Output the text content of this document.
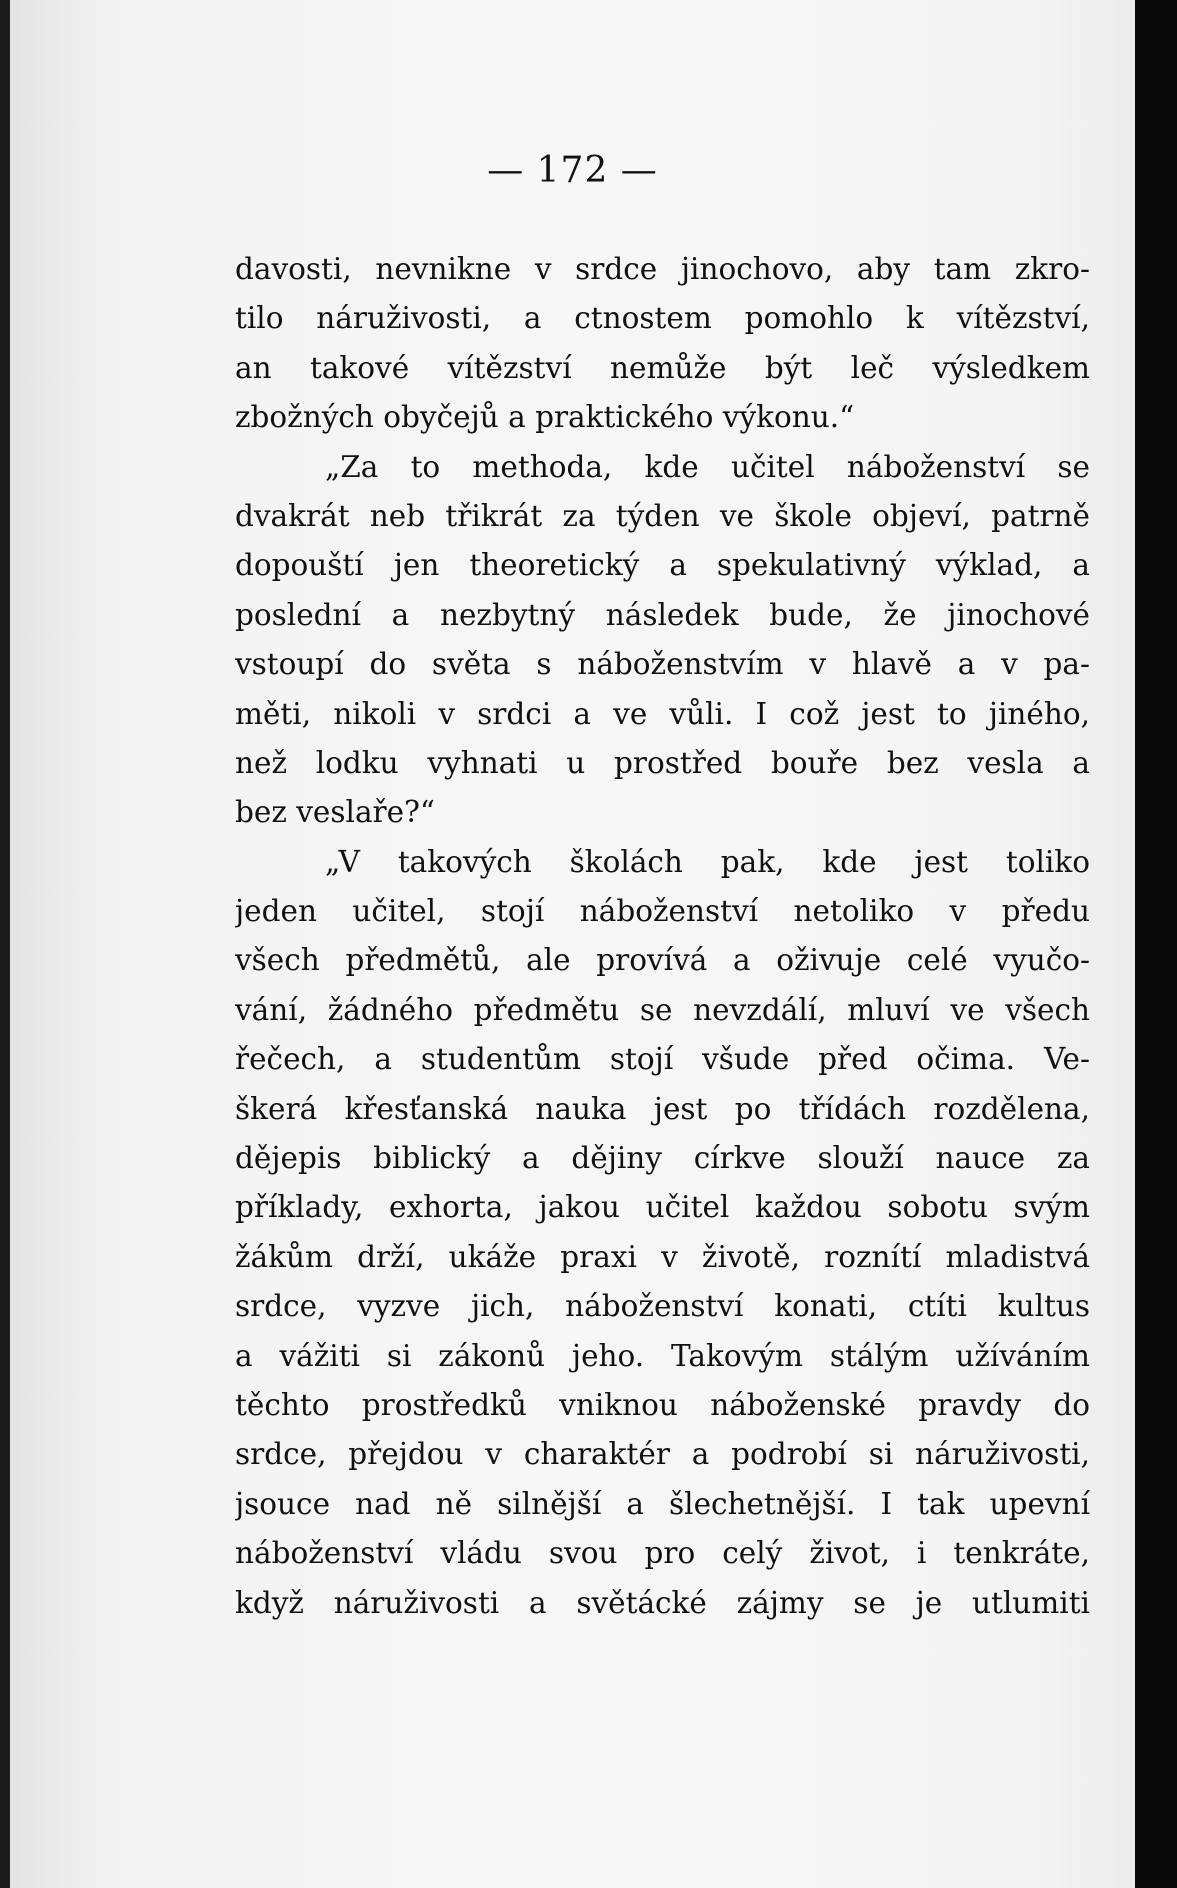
— 172 —
davosti, nevnikne v srdce jinochovo, aby tam zkro-
tilo náruživosti, a ctnostem pomohlo k vítězství,
an takové vítězství nemůže být leč výsledkem
zbožných obyčejů a praktického výkonu.“
„Za to methoda, kde učitel náboženství se
dvakrát neb třikrát za týden ve škole objeví, patrně
dopouští jen theoretický a spekulativný výklad, a
poslední a nezbytný následek bude, že jinochové
vstoupí do světa s náboženstvím v hlavě a v pa-
měti, nikoli v srdci a ve vůli. I což jest to jiného,
než lodku vyhnati u prostřed bouře bez vesla a
bez veslaře?“
„V takových školách pak, kde jest toliko
jeden učitel, stojí náboženství netoliko v předu
všech předmětů, ale provívá a oživuje celé vyučo-
vání, žádného předmětu se nevzdálí, mluví ve všech
řečech, a studentům stojí všude před očima. Ve-
škerá křesťanská nauka jest po třídách rozdělena,
dějepis biblický a dějiny církve slouží nauce za
příklady, exhorta, jakou učitel každou sobotu svým
žákům drží, ukáže praxi v životě, roznítí mladistvá
srdce, vyzve jich, náboženství konati, ctíti kultus
a vážiti si zákonů jeho. Takovým stálým užíváním
těchto prostředků vniknou náboženské pravdy do
srdce, přejdou v charaktér a podrobí si náruživosti,
jsouce nad ně silnější a šlechetnější. I tak upevní
náboženství vládu svou pro celý život, i tenkráte,
když náruživosti a světácké zájmy se je utlumiti
